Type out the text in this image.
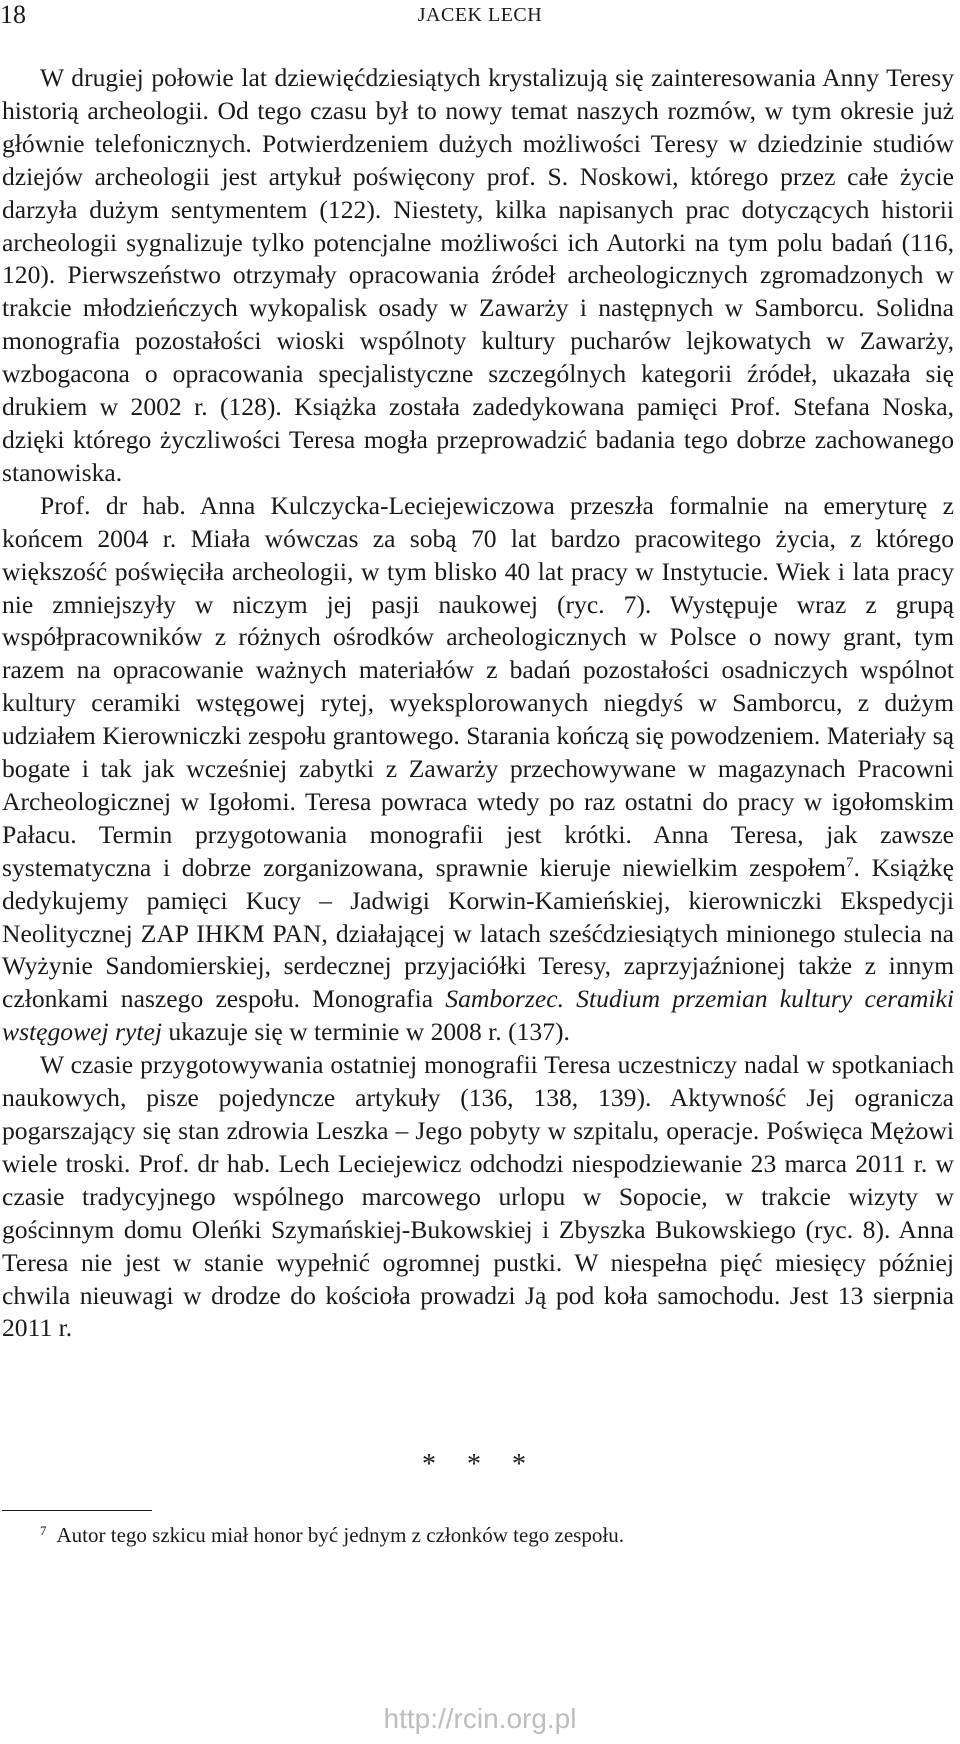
18	JACEK LECH

W drugiej połowie lat dziewięćdziesiątych krystalizują się zainteresowania Anny Teresy historią archeologii. Od tego czasu był to nowy temat naszych rozmów, w tym okresie już głównie telefonicznych. Potwierdzeniem dużych możliwości Teresy w dziedzinie studiów dziejów archeologii jest artykuł poświęcony prof. S. Noskowi, którego przez całe życie darzyła dużym sentymentem (122). Niestety, kilka napisanych prac dotyczących historii archeologii sygnalizuje tylko potencjalne możliwości ich Autorki na tym polu badań (116, 120). Pierwszeństwo otrzymały opracowania źródeł archeologicznych zgromadzonych w trakcie młodzieńczych wykopalisk osady w Zawarży i następnych w Samborcu. Solidna monografia pozostałości wioski wspólnoty kultury pucharów lejkowatych w Zawarży, wzbogacona o opracowania specjalistyczne szczególnych kategorii źródeł, ukazała się drukiem w 2002 r. (128). Książka została zadedykowana pamięci Prof. Stefana Noska, dzięki którego życzliwości Teresa mogła przeprowadzić badania tego dobrze zachowanego stanowiska.

Prof. dr hab. Anna Kulczycka-Leciejewiczowa przeszła formalnie na emeryturę z końcem 2004 r. Miała wówczas za sobą 70 lat bardzo pracowitego życia, z którego większość poświęciła archeologii, w tym blisko 40 lat pracy w Instytucie. Wiek i lata pracy nie zmniejszyły w niczym jej pasji naukowej (ryc. 7). Występuje wraz z grupą współpracowników z różnych ośrodków archeologicznych w Polsce o nowy grant, tym razem na opracowanie ważnych materiałów z badań pozostałości osadniczych wspólnot kultury ceramiki wstęgowej rytej, wyeksplorowanych niegdyś w Samborcu, z dużym udziałem Kierowniczki zespołu grantowego. Starania kończą się powodzeniem. Materiały są bogate i tak jak wcześniej zabytki z Zawarży przechowywane w magazynach Pracowni Archeologicznej w Igołomi. Teresa powraca wtedy po raz ostatni do pracy w igołomskim Pałacu. Termin przygotowania monografii jest krótki. Anna Teresa, jak zawsze systematyczna i dobrze zorganizowana, sprawnie kieruje niewielkim zespołem$^7$. Książkę dedykujemy pamięci Kucy – Jadwigi Korwin-Kamieńskiej, kierowniczki Ekspedycji Neolitycznej ZAP IHKM PAN, działającej w latach sześćdziesiątych minionego stulecia na Wyżynie Sandomierskiej, serdecznej przyjaciółki Teresy, zaprzyjaźnionej także z innym członkami naszego zespołu. Monografia Samborzec. Studium przemian kultury ceramiki wstęgowej rytej ukazuje się w terminie w 2008 r. (137).

W czasie przygotowywania ostatniej monografii Teresa uczestniczy nadal w spotkaniach naukowych, pisze pojedyncze artykuły (136, 138, 139). Aktywność Jej ogranicza pogarszający się stan zdrowia Leszka – Jego pobyty w szpitalu, operacje. Poświęca Mężowi wiele troski. Prof. dr hab. Lech Leciejewicz odchodzi niespodziewanie 23 marca 2011 r. w czasie tradycyjnego wspólnego marcowego urlopu w Sopocie, w trakcie wizyty w gościnnym domu Oleńki Szymańskiej-Bukowskiej i Zbyszka Bukowskiego (ryc. 8). Anna Teresa nie jest w stanie wypełnić ogromnej pustki. W niespełna pięć miesięcy później chwila nieuwagi w drodze do kościoła prowadzi Ją pod koła samochodu. Jest 13 sierpnia 2011 r.

* * *
$^7$ Autor tego szkicu miał honor być jednym z członków tego zespołu.
http://rcin.org.pl
